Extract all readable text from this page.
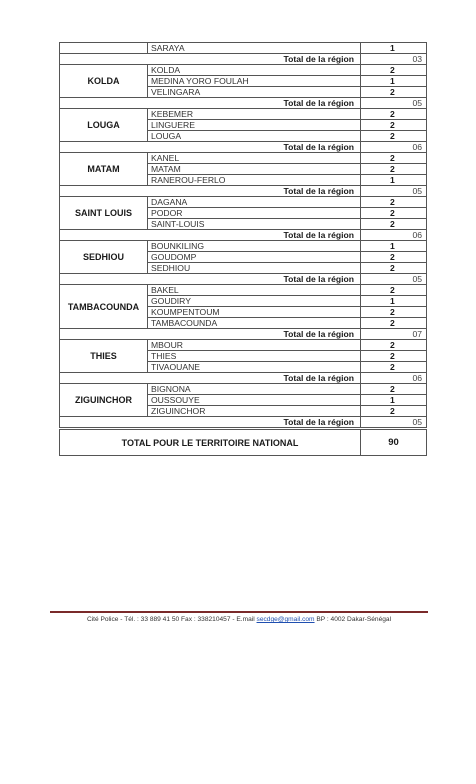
	SARAYA	1
Total de la région		03
KOLDA	KOLDA	2
	MEDINA YORO FOULAH	1
	VELINGARA	2
Total de la région		05
LOUGA	KEBEMER	2
	LINGUERE	2
	LOUGA	2
Total de la région		06
MATAM	KANEL	2
	MATAM	2
	RANEROU-FERLO	1
Total de la région		05
SAINT LOUIS	DAGANA	2
	PODOR	2
	SAINT-LOUIS	2
Total de la région		06
SEDHIOU	BOUNKILING	1
	GOUDOMP	2
	SEDHIOU	2
Total de la région		05
TAMBACOUNDA	BAKEL	2
	GOUDIRY	1
	KOUMPENTOUM	2
	TAMBACOUNDA	2
Total de la région		07
THIES	MBOUR	2
	THIES	2
	TIVAOUANE	2
Total de la région		06
ZIGUINCHOR	BIGNONA	2
	OUSSOUYE	1
	ZIGUINCHOR	2
Total de la région		05
TOTAL POUR LE TERRITOIRE NATIONAL		90
Cité Police - Tél. : 33 889 41 50 Fax : 338210457 - E.mail secdge@gmail.com BP : 4002 Dakar-Sénégal
